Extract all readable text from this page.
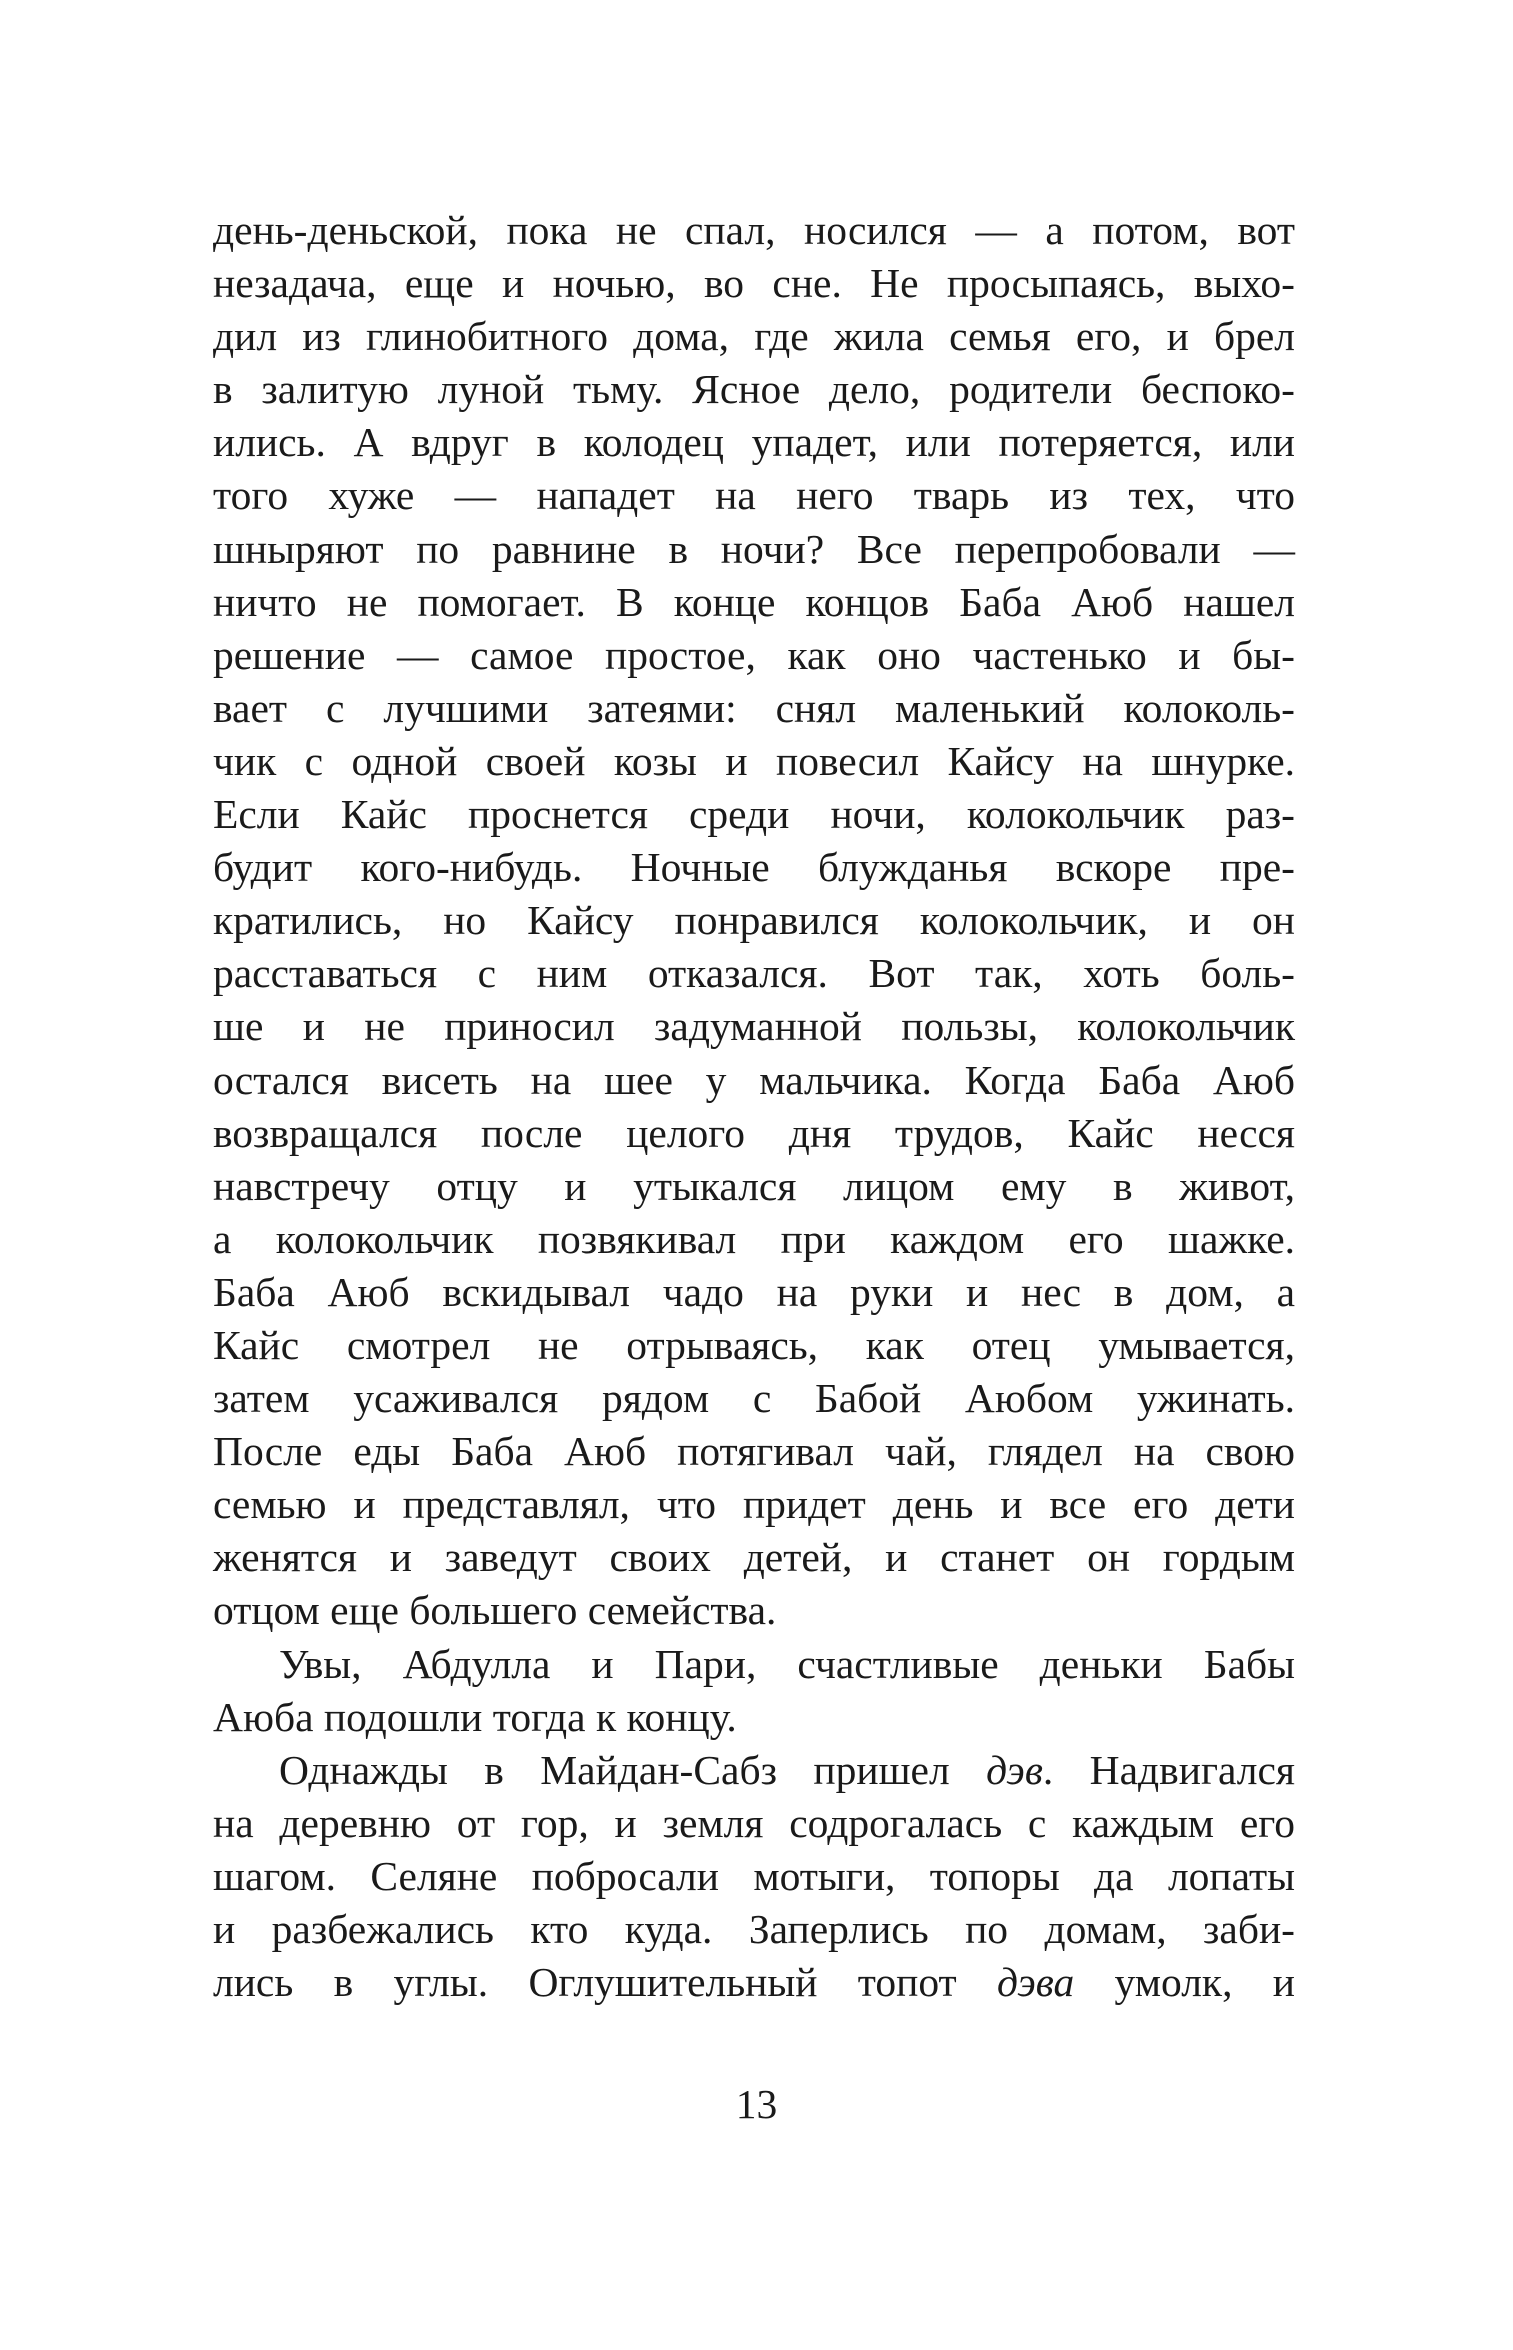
день-деньской, пока не спал, носился — а потом, вот
незадача, еще и ночью, во сне. Не просыпаясь, выхо-
дил из глинобитного дома, где жила семья его, и брел
в залитую луной тьму. Ясное дело, родители беспоко-
ились. А вдруг в колодец упадет, или потеряется, или
того хуже — нападет на него тварь из тех, что
шныряют по равнине в ночи? Все перепробовали —
ничто не помогает. В конце концов Баба Аюб нашел
решение — самое простое, как оно частенько и бы-
вает с лучшими затеями: снял маленький колоколь-
чик с одной своей козы и повесил Кайсу на шнурке.
Если Кайс проснется среди ночи, колокольчик раз-
будит кого-нибудь. Ночные блужданья вскоре пре-
кратились, но Кайсу понравился колокольчик, и он
расставаться с ним отказался. Вот так, хоть боль-
ше и не приносил задуманной пользы, колокольчик
остался висеть на шее у мальчика. Когда Баба Аюб
возвращался после целого дня трудов, Кайс несся
навстречу отцу и утыкался лицом ему в живот,
а колокольчик позвякивал при каждом его шажке.
Баба Аюб вскидывал чадо на руки и нес в дом, а
Кайс смотрел не отрываясь, как отец умывается,
затем усаживался рядом с Бабой Аюбом ужинать.
После еды Баба Аюб потягивал чай, глядел на свою
семью и представлял, что придет день и все его дети
женятся и заведут своих детей, и станет он гордым
отцом еще большего семейства.
Увы, Абдулла и Пари, счастливые деньки Бабы
Аюба подошли тогда к концу.
Однажды в Майдан-Сабз пришел дэв. Надвигался
на деревню от гор, и земля содрогалась с каждым его
шагом. Селяне побросали мотыги, топоры да лопаты
и разбежались кто куда. Заперлись по домам, заби-
лись в углы. Оглушительный топот дэва умолк, и
13
